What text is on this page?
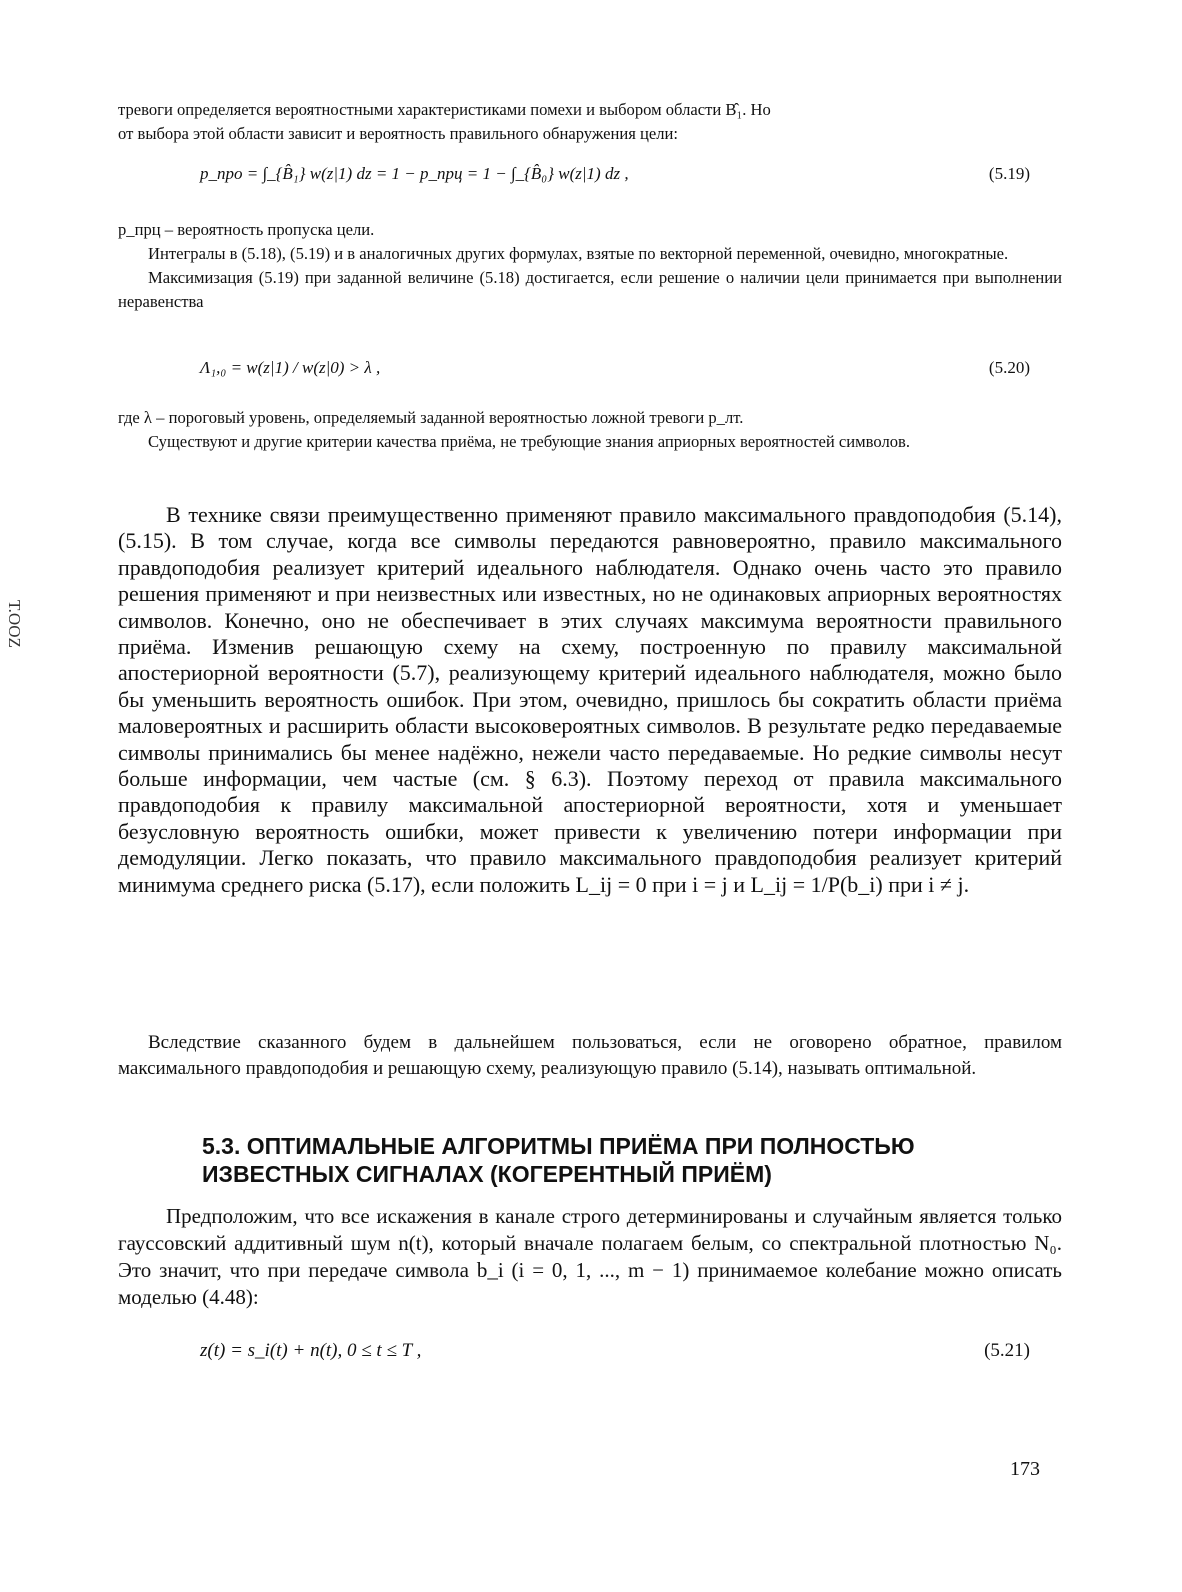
тревоги определяется вероятностными характеристиками помехи и выбором области В̂₁. Но

от выбора этой области зависит и вероятность правильного обнаружения цели:

p_про = ∫_{B̂₁} w(z|1) dz = 1 − p_прц = 1 − ∫_{B̂₀} w(z|1) dz ,	(5.19)

p_прц – вероятность пропуска цели.

Интегралы в (5.18), (5.19) и в аналогичных других формулах, взятые по векторной переменной, очевидно, многократные.

Максимизация (5.19) при заданной величине (5.18) достигается, если решение о наличии цели принимается при выполнении неравенства

Λ₁,₀ = w(z|1) / w(z|0) > λ ,	(5.20)

где λ – пороговый уровень, определяемый заданной вероятностью ложной тревоги p_лт.

Существуют и другие критерии качества приёма, не требующие знания априорных вероятностей символов.

В технике связи преимущественно применяют правило максимального правдоподобия (5.14), (5.15). В том случае, когда все символы передаются равновероятно, правило максимального правдоподобия реализует критерий идеального наблюдателя. Однако очень часто это правило решения применяют и при неизвестных или известных, но не одинаковых априорных вероятностях символов. Конечно, оно не обеспечивает в этих случаях максимума вероятности правильного приёма. Изменив решающую схему на схему, построенную по правилу максимальной апостериорной вероятности (5.7), реализующему критерий идеального наблюдателя, можно было бы уменьшить вероятность ошибок. При этом, очевидно, пришлось бы сократить области приёма маловероятных и расширить области высоковероятных символов. В результате редко передаваемые символы принимались бы менее надёжно, нежели часто передаваемые. Но редкие символы несут больше информации, чем частые (см. § 6.3). Поэтому переход от правила максимального правдоподобия к правилу максимальной апостериорной вероятности, хотя и уменьшает безусловную вероятность ошибки, может привести к увеличению потери информации при демодуляции. Легко показать, что правило максимального правдоподобия реализует критерий минимума среднего риска (5.17), если положить L_ij = 0 при i = j и L_ij = 1/P(b_i) при i ≠ j.

Вследствие сказанного будем в дальнейшем пользоваться, если не оговорено обратное, правилом максимального правдоподобия и решающую схему, реализующую правило (5.14), называть оптимальной.

5.3. ОПТИМАЛЬНЫЕ АЛГОРИТМЫ ПРИЁМА ПРИ ПОЛНОСТЬЮ
ИЗВЕСТНЫХ СИГНАЛАХ (КОГЕРЕНТНЫЙ ПРИЁМ)

Предположим, что все искажения в канале строго детерминированы и случайным является только гауссовский аддитивный шум n(t), который вначале полагаем белым, со спектральной плотностью N₀. Это значит, что при передаче символа b_i (i = 0, 1, ..., m − 1) принимаемое колебание можно описать моделью (4.48):

z(t) = s_i(t) + n(t), 0 ≤ t ≤ T ,	(5.21)
173
Т.ООZ
